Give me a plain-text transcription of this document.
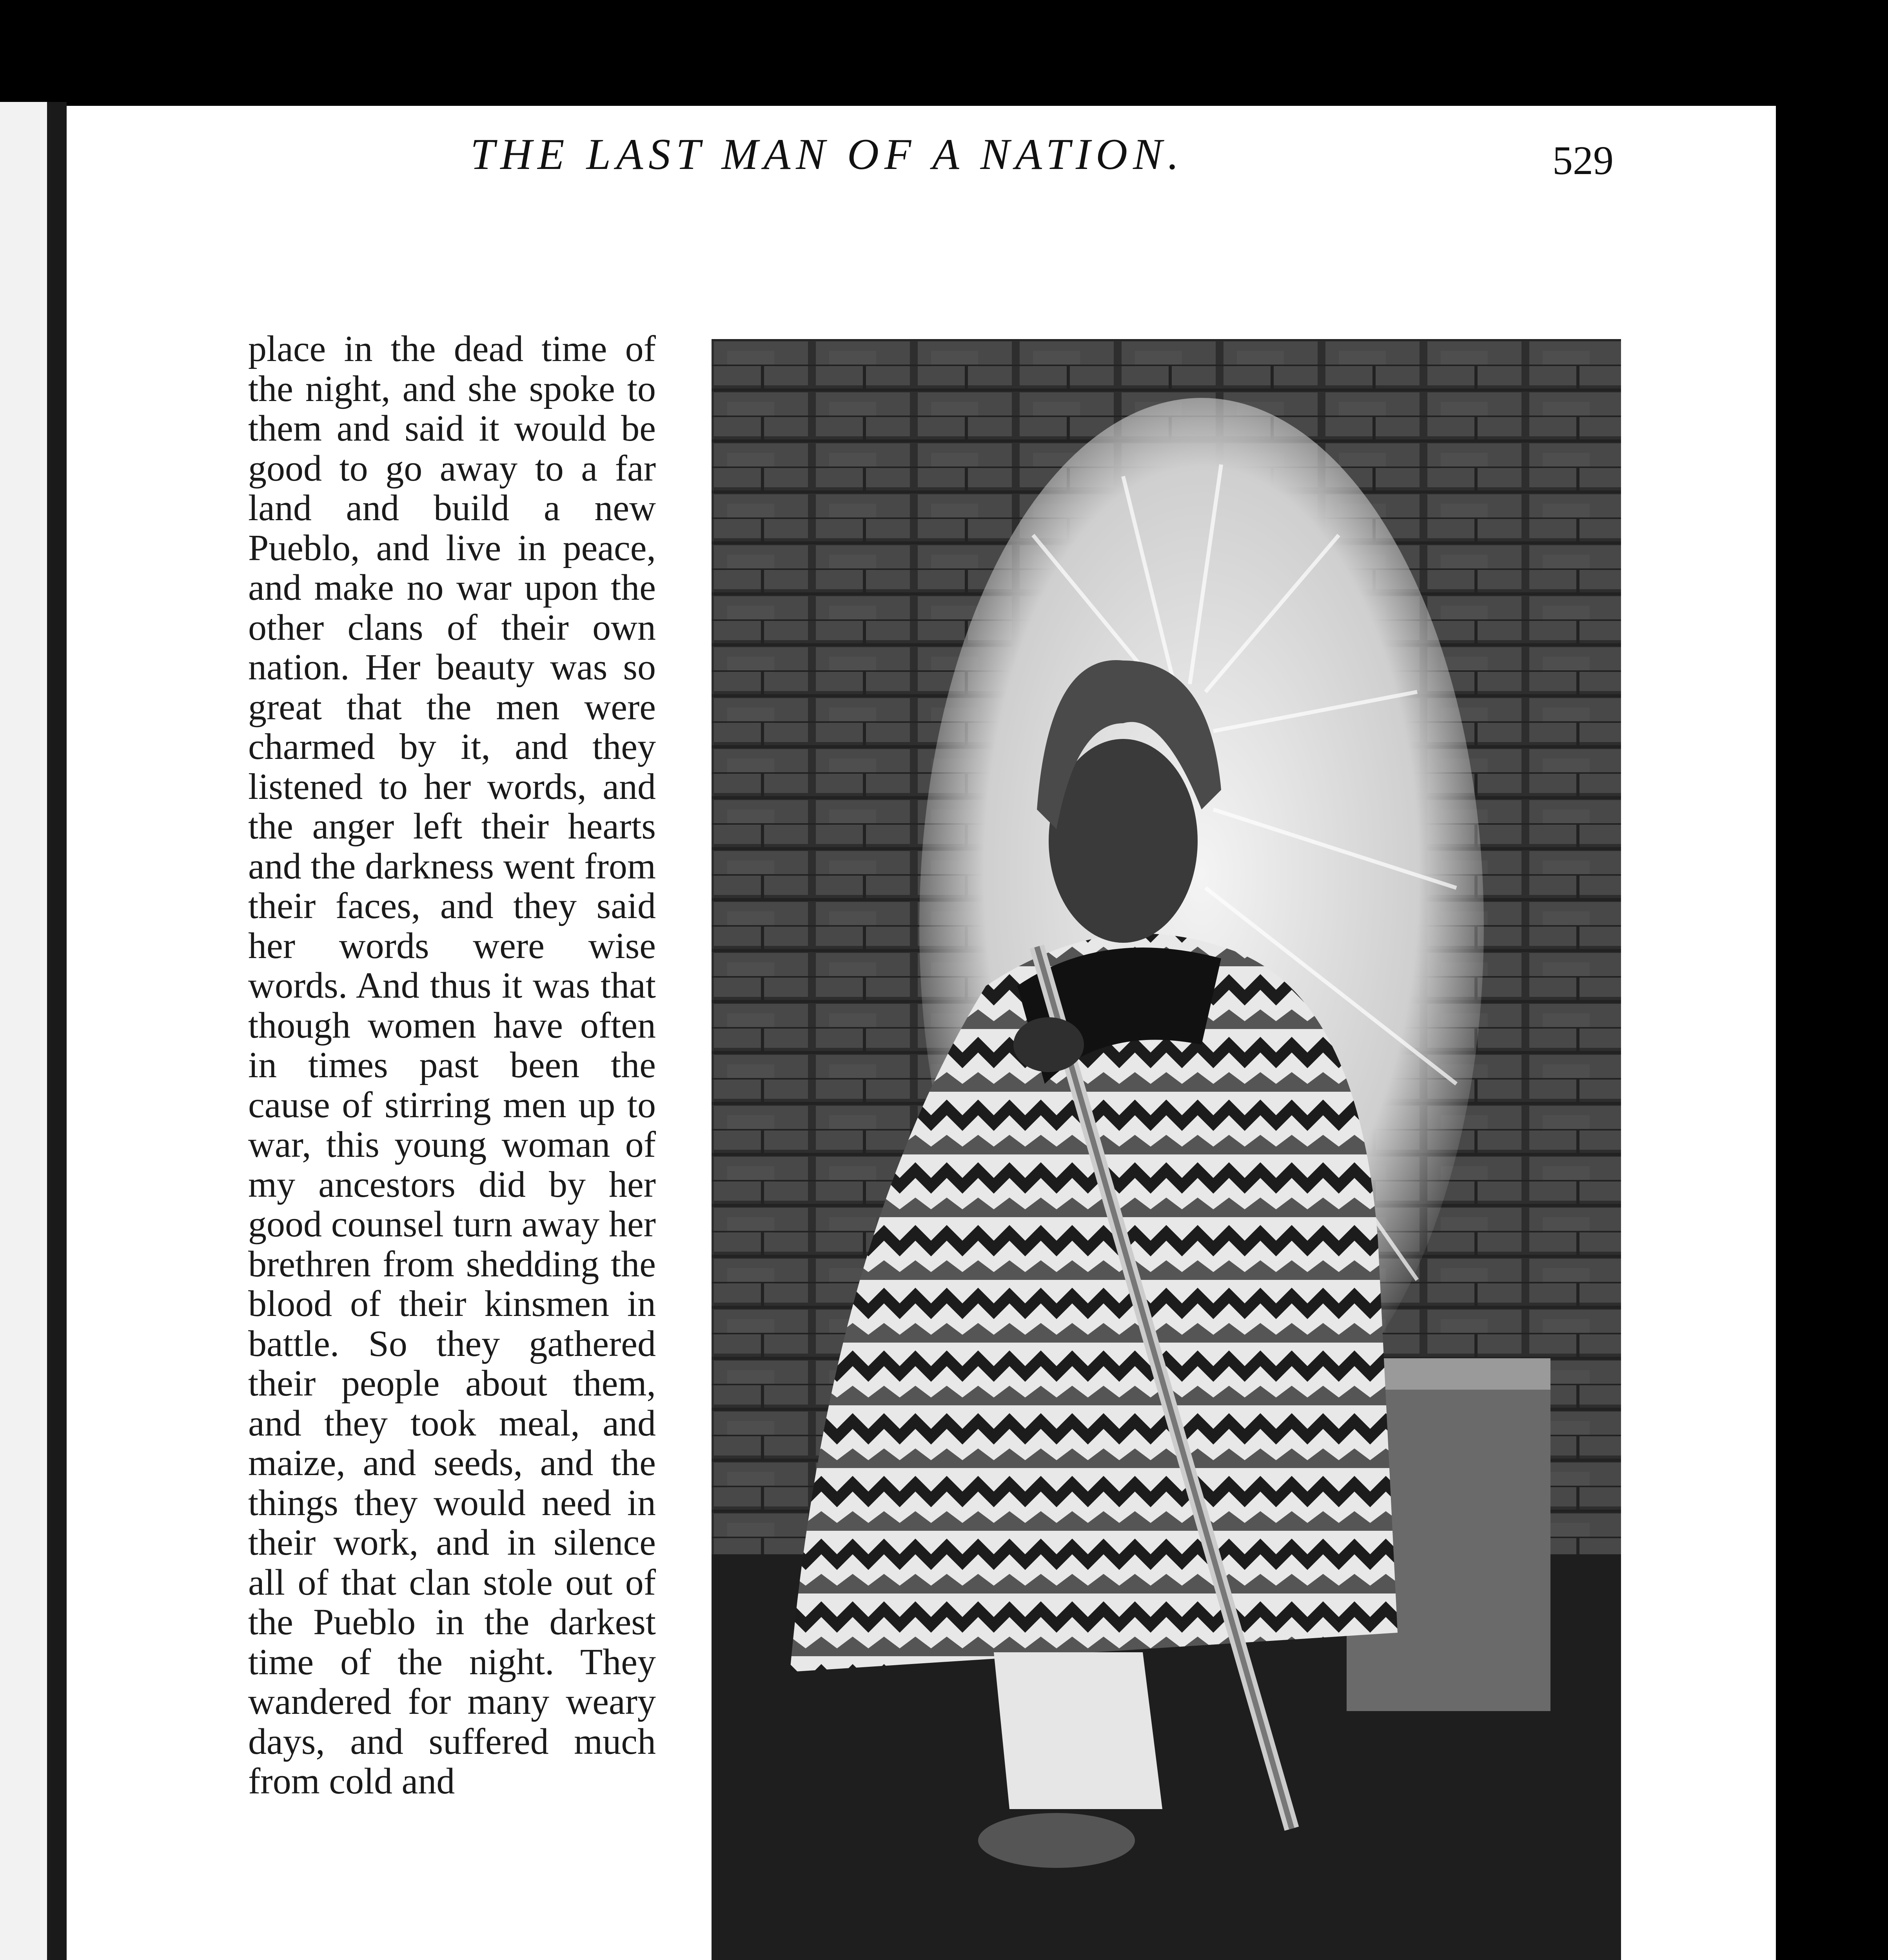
THE LAST MAN OF A NATION.	529

place in the dead time of the night, and she spoke to them and said it would be good to go away to a far land and build a new Pueblo, and live in peace, and make no war upon the other clans of their own nation. Her beauty was so great that the men were charmed by it, and they listened to her words, and the anger left their hearts and the darkness went from their faces, and they said her words were wise words. And thus it was that though women have often in times past been the cause of stirring men up to war, this young woman of my ancestors did by her good counsel turn away her brethren from shedding the blood of their kinsmen in battle. So they gathered their people about them, and they took meal, and maize, and seeds, and the things they would need in their work, and in silence all of that clan stole out of the Pueblo in the darkest time of the night. They wandered for many weary days, and suffered much from cold and
